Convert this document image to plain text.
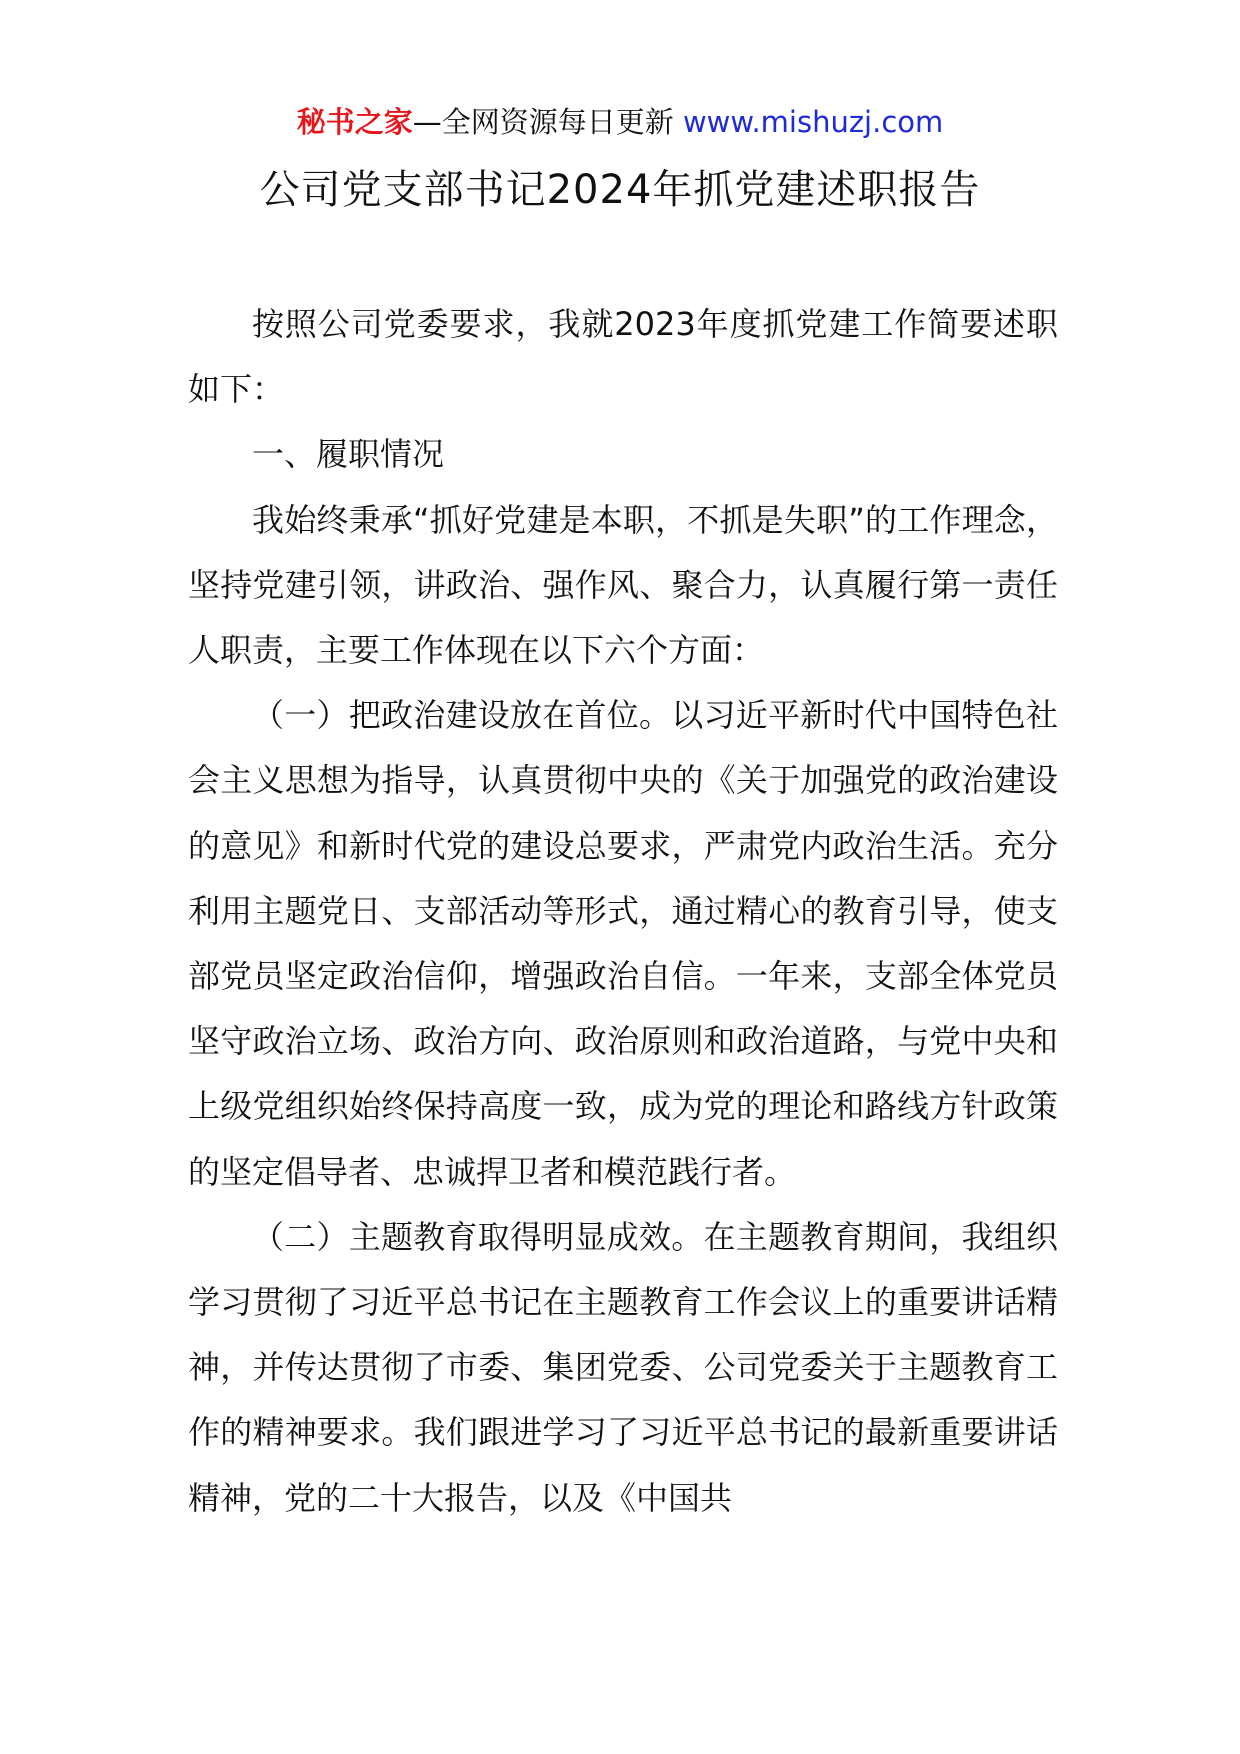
秘书之家—全网资源每日更新 www.mishuzj.com
公司党支部书记2024年抓党建述职报告

按照公司党委要求，我就2023年度抓党建工作简要述职如下：

一、履职情况

我始终秉承“抓好党建是本职，不抓是失职”的工作理念，坚持党建引领，讲政治、强作风、聚合力，认真履行第一责任人职责，主要工作体现在以下六个方面：

（一）把政治建设放在首位。以习近平新时代中国特色社会主义思想为指导，认真贯彻中央的《关于加强党的政治建设的意见》和新时代党的建设总要求，严肃党内政治生活。充分利用主题党日、支部活动等形式，通过精心的教育引导，使支部党员坚定政治信仰，增强政治自信。一年来，支部全体党员坚守政治立场、政治方向、政治原则和政治道路，与党中央和上级党组织始终保持高度一致，成为党的理论和路线方针政策的坚定倡导者、忠诚捍卫者和模范践行者。

（二）主题教育取得明显成效。在主题教育期间，我组织学习贯彻了习近平总书记在主题教育工作会议上的重要讲话精神，并传达贯彻了市委、集团党委、公司党委关于主题教育工作的精神要求。我们跟进学习了习近平总书记的最新重要讲话精神，党的二十大报告，以及《中国共
